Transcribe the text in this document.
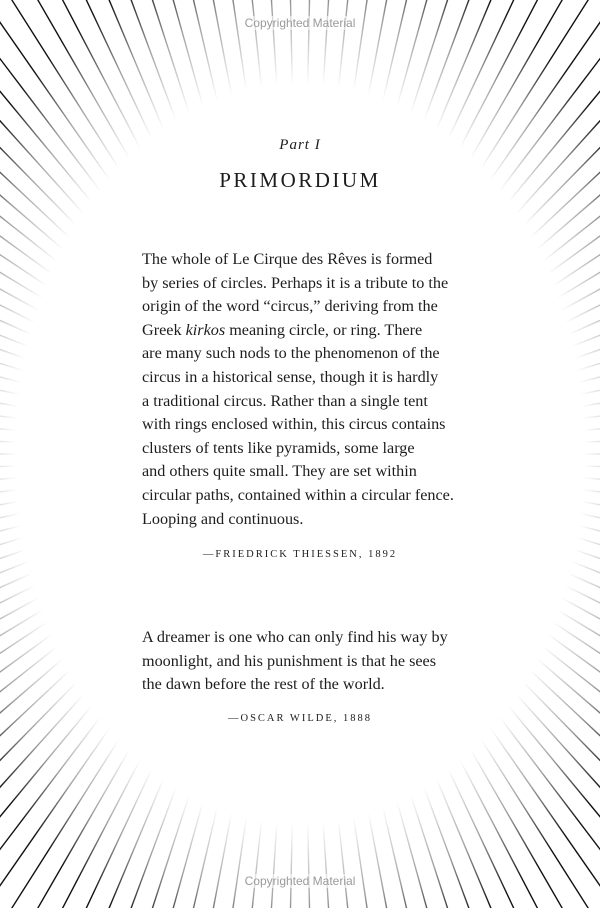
Copyrighted Material
Copyrighted Material
Part I
PRIMORDIUM
The whole of Le Cirque des Rêves is formed
by series of circles. Perhaps it is a tribute to the
origin of the word “circus,” deriving from the
Greek kirkos meaning circle, or ring. There
are many such nods to the phenomenon of the
circus in a historical sense, though it is hardly
a traditional circus. Rather than a single tent
with rings enclosed within, this circus contains
clusters of tents like pyramids, some large
and others quite small. They are set within
circular paths, contained within a circular fence.
Looping and continuous.
—FRIEDRICK THIESSEN, 1892
A dreamer is one who can only find his way by
moonlight, and his punishment is that he sees
the dawn before the rest of the world.
—OSCAR WILDE, 1888
